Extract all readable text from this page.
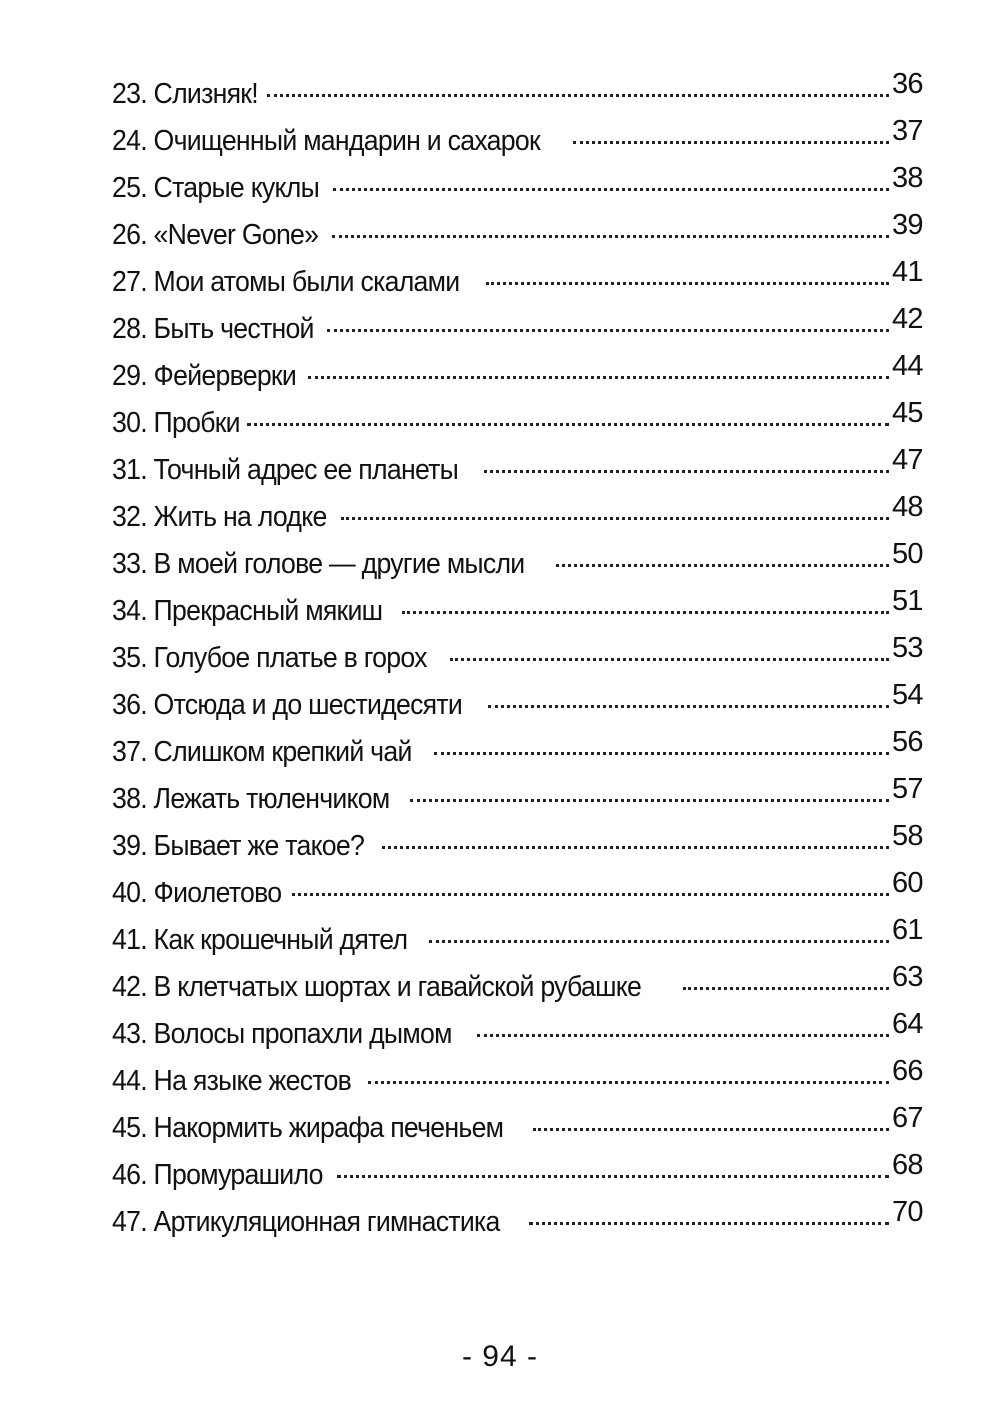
23. Слизняк!	36
24. Очищенный мандарин и сахарок	37
25. Старые куклы	38
26. «Never Gone»	39
27. Мои атомы были скалами	41
28. Быть честной	42
29. Фейерверки	44
30. Пробки	45
31. Точный адрес ее планеты	47
32. Жить на лодке	48
33. В моей голове — другие мысли	50
34. Прекрасный мякиш	51
35. Голубое платье в горох	53
36. Отсюда и до шестидесяти	54
37. Слишком крепкий чай	56
38. Лежать тюленчиком	57
39. Бывает же такое?	58
40. Фиолетово	60
41. Как крошечный дятел	61
42. В клетчатых шортах и гавайской рубашке	63
43. Волосы пропахли дымом	64
44. На языке жестов	66
45. Накормить жирафа печеньем	67
46. Промурашило	68
47. Артикуляционная гимнастика	70
- 94 -
